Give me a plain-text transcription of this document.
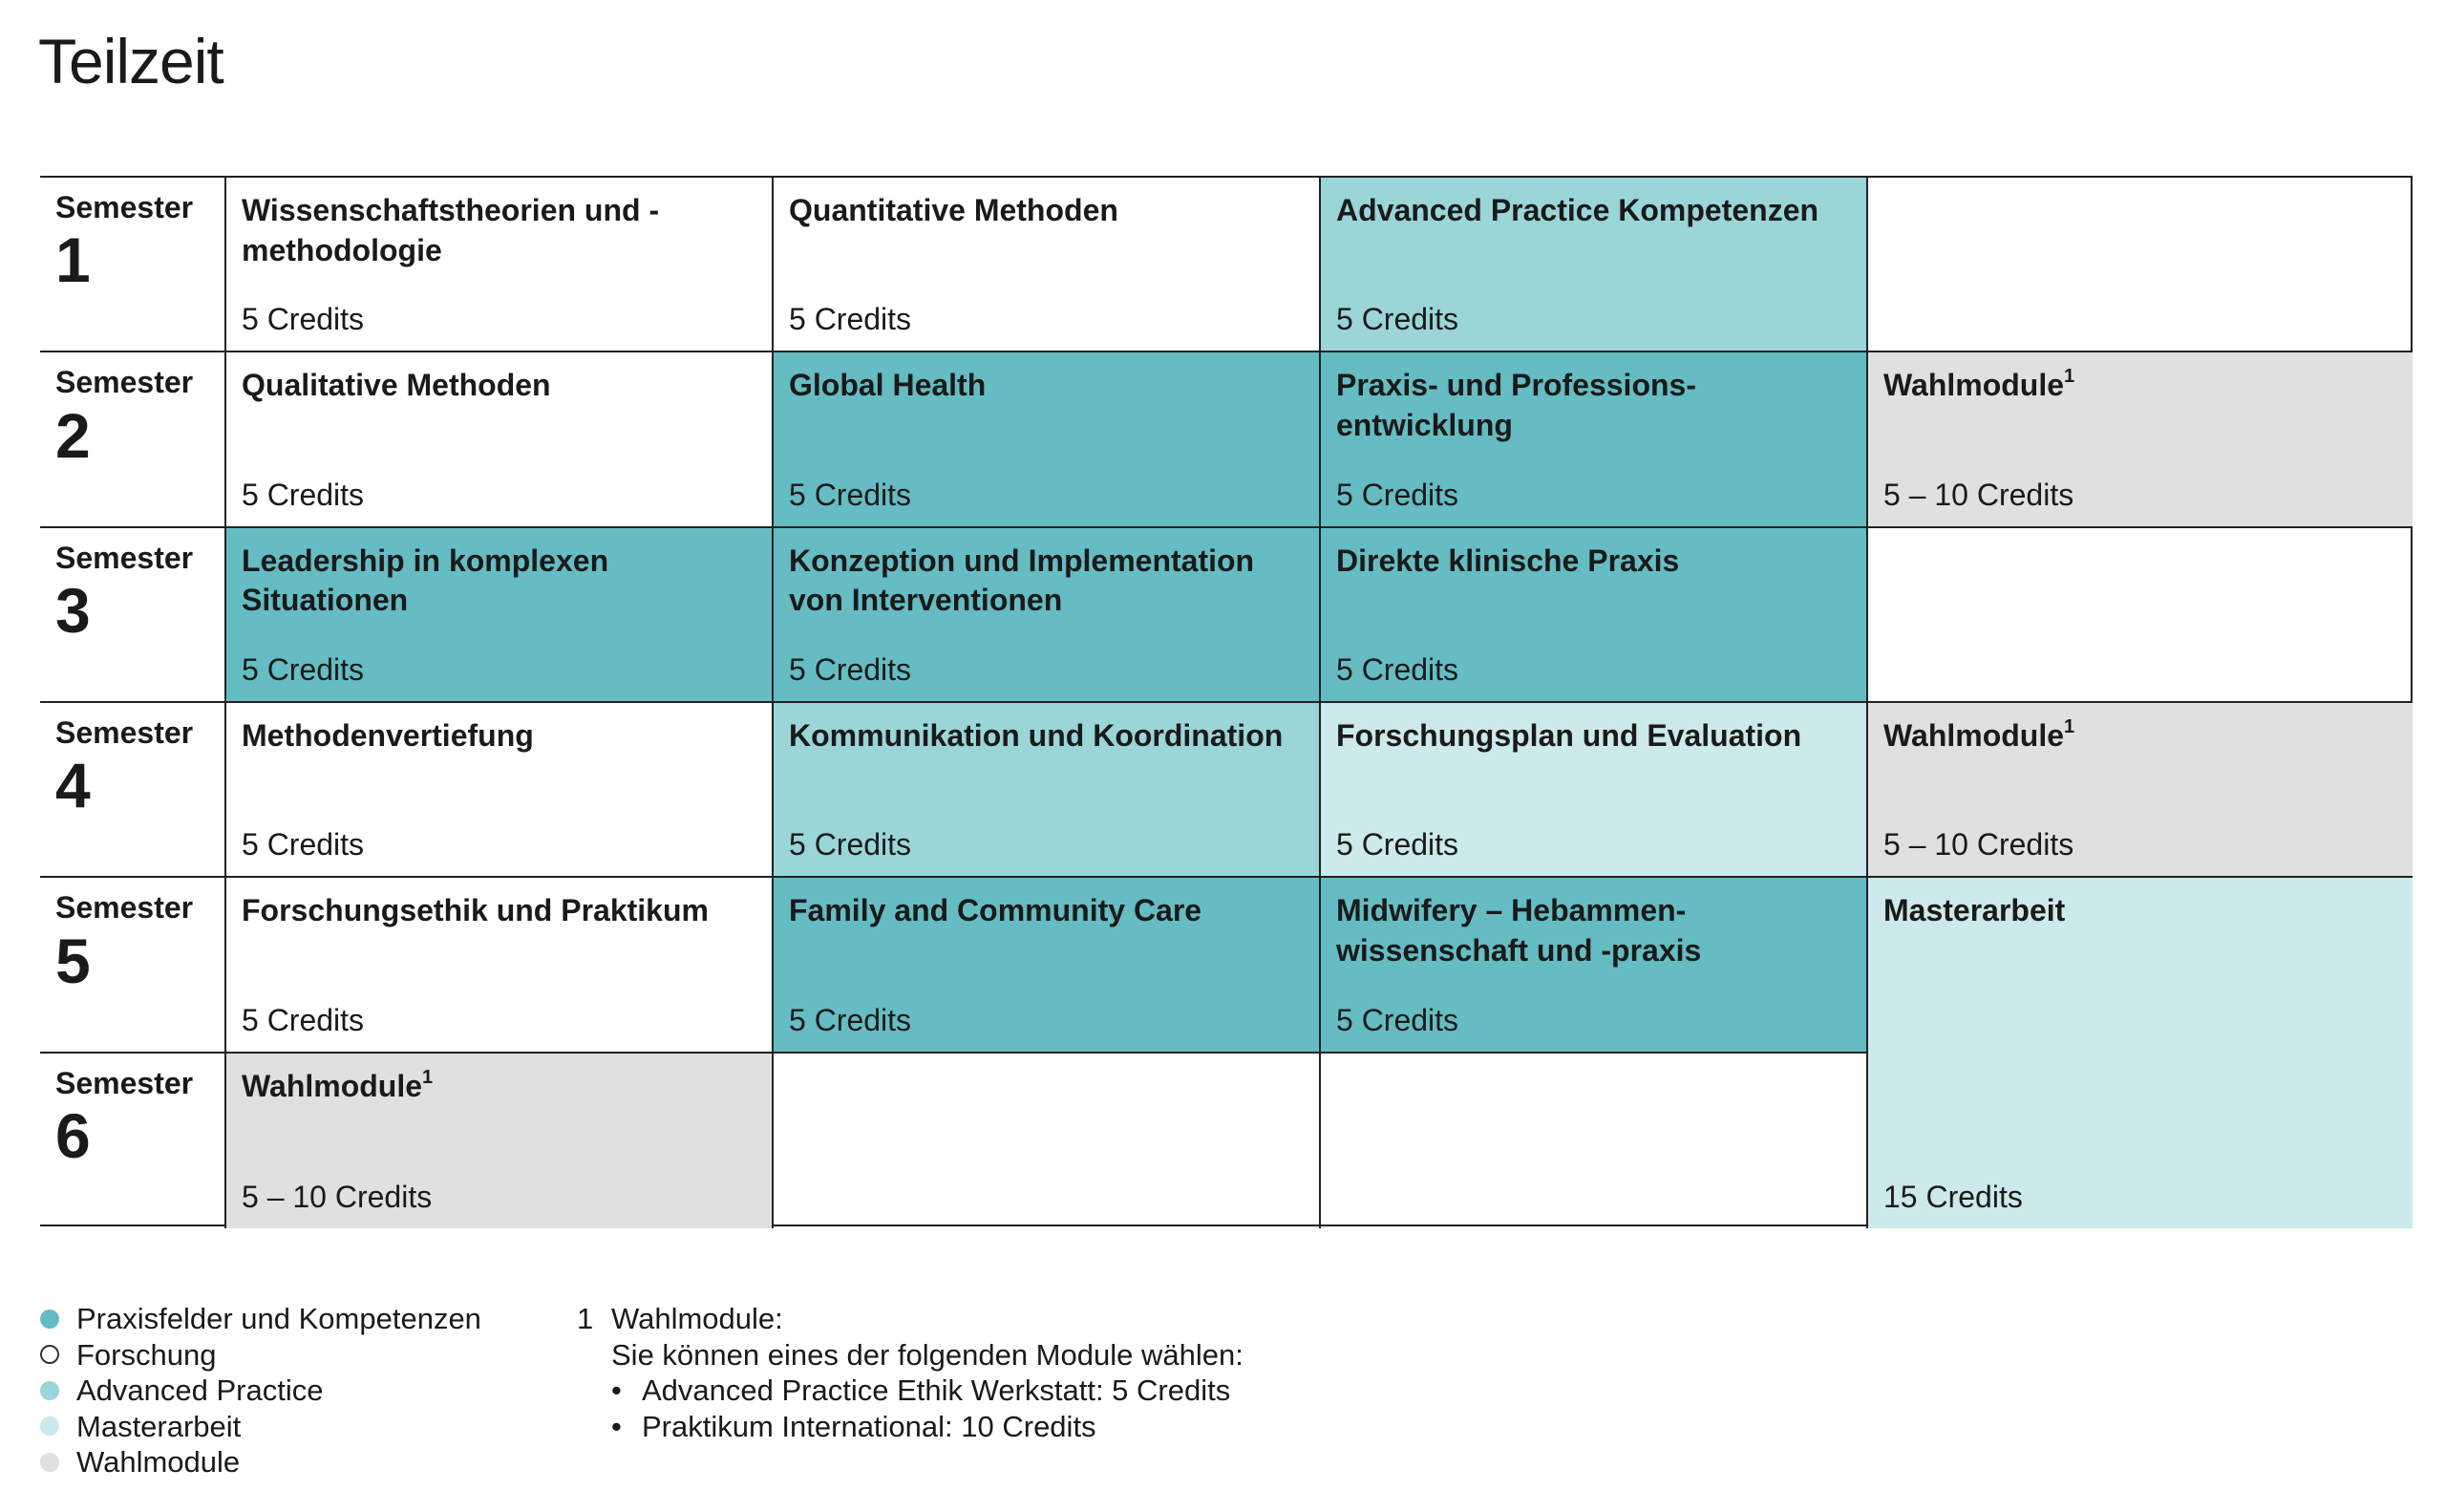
Teilzeit
Semester
1
Wissenschaftstheorien und -methodologie
5 Credits
Quantitative Methoden
5 Credits
Advanced Practice Kompetenzen
5 Credits
Semester
2
Qualitative Methoden
5 Credits
Global Health
5 Credits
Praxis- und Professions-entwicklung
5 Credits
Wahlmodule$^1$
5 – 10 Credits
Semester
3
Leadership in komplexen Situationen
5 Credits
Konzeption und Implementation von Interventionen
5 Credits
Direkte klinische Praxis
5 Credits
Semester
4
Methodenvertiefung
5 Credits
Kommunikation und Koordination
5 Credits
Forschungsplan und Evaluation
5 Credits
Wahlmodule$^1$
5 – 10 Credits
Semester
5
Forschungsethik und Praktikum
5 Credits
Family and Community Care
5 Credits
Midwifery – Hebammen-wissenschaft und -praxis
5 Credits
Masterarbeit
15 Credits
Semester
6
Wahlmodule$^1$
5 – 10 Credits
Praxisfelder und Kompetenzen
Forschung
Advanced Practice
Masterarbeit
Wahlmodule
1 Wahlmodule:
Sie können eines der folgenden Module wählen:
• Advanced Practice Ethik Werkstatt: 5 Credits
• Praktikum International: 10 Credits
